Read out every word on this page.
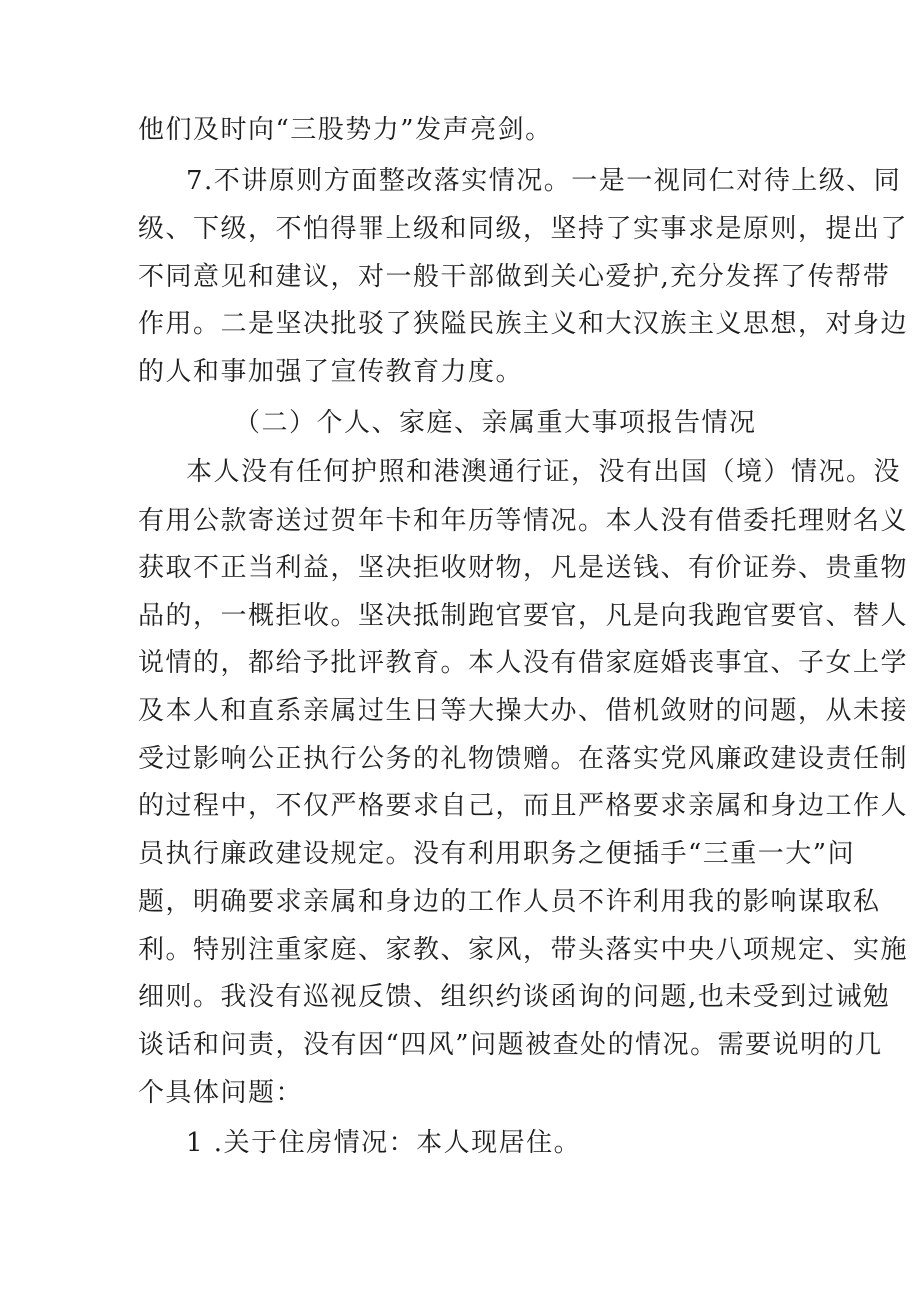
他们及时向“三股势力”发声亮剑。
7.不讲原则方面整改落实情况。一是一视同仁对待上级、同
级、下级，不怕得罪上级和同级，坚持了实事求是原则，提出了
不同意见和建议，对一般干部做到关心爱护,充分发挥了传帮带
作用。二是坚决批驳了狭隘民族主义和大汉族主义思想，对身边
的人和事加强了宣传教育力度。
（二）个人、家庭、亲属重大事项报告情况
本人没有任何护照和港澳通行证，没有出国（境）情况。没
有用公款寄送过贺年卡和年历等情况。本人没有借委托理财名义
获取不正当利益，坚决拒收财物，凡是送钱、有价证券、贵重物
品的，一概拒收。坚决抵制跑官要官，凡是向我跑官要官、替人
说情的，都给予批评教育。本人没有借家庭婚丧事宜、子女上学
及本人和直系亲属过生日等大操大办、借机敛财的问题，从未接
受过影响公正执行公务的礼物馈赠。在落实党风廉政建设责任制
的过程中，不仅严格要求自己，而且严格要求亲属和身边工作人
员执行廉政建设规定。没有利用职务之便插手“三重一大”问
题，明确要求亲属和身边的工作人员不许利用我的影响谋取私
利。特别注重家庭、家教、家风，带头落实中央八项规定、实施
细则。我没有巡视反馈、组织约谈函询的问题,也未受到过诫勉
谈话和问责，没有因“四风”问题被查处的情况。需要说明的几
个具体问题：
1 .关于住房情况：本人现居住。
